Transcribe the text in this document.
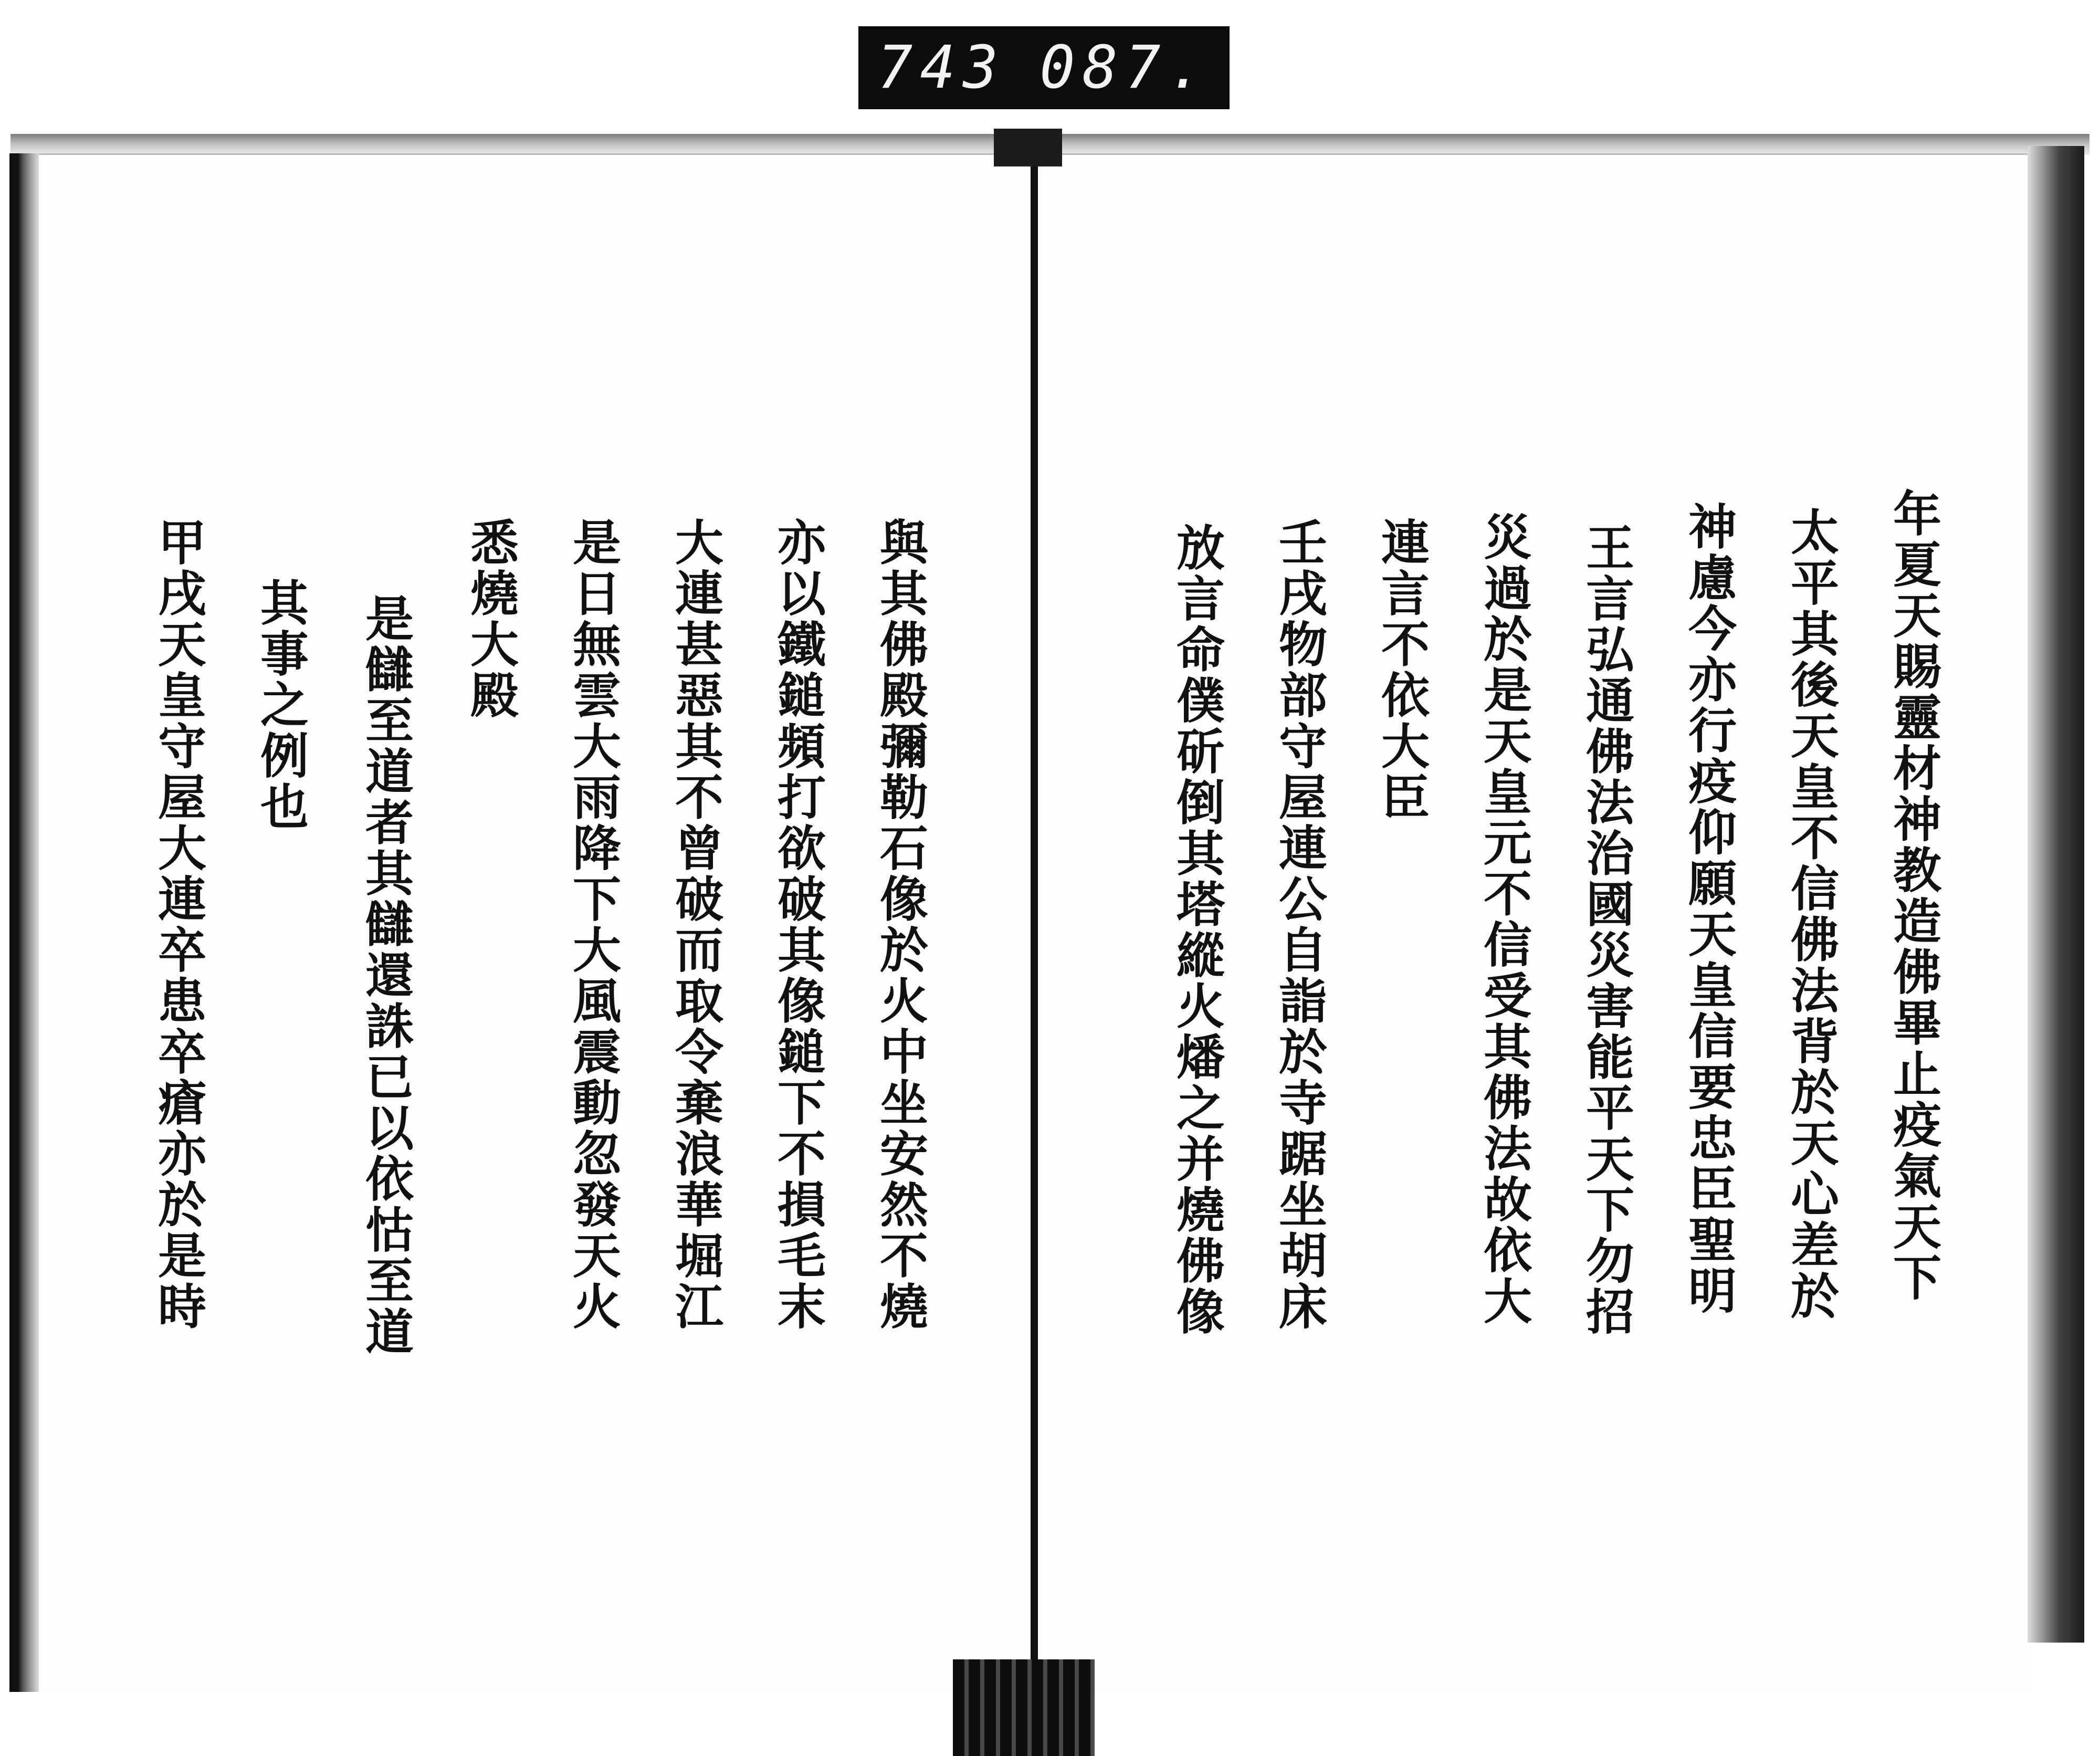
743 087.
年夏天賜靈材神教造佛畢止疫氣天下
太平其後天皇不信佛法背於天心差於
神慮今亦行疫仰願天皇信要忠臣聖明
王言弘通佛法治國災害能平天下勿招
災過於是天皇元不信受其佛法故依大
連言不依大臣
壬戌物部守屋連公自詣於寺踞坐胡床
放言命僕斫倒其塔縱火燔之并燒佛像
與其佛殿彌勒石像於火中坐安然不燒
亦以鐵鎚頻打欲破其像鎚下不損毛末
大連甚惡其不曾破而取令棄浪華堀江
是日無雲大雨降下大風震動忽發天火
悉燒大殿
是讎至道者其讎還誅已以依怙至道
其事之例也
甲戌天皇守屋大連卒患卒瘡亦於是時
